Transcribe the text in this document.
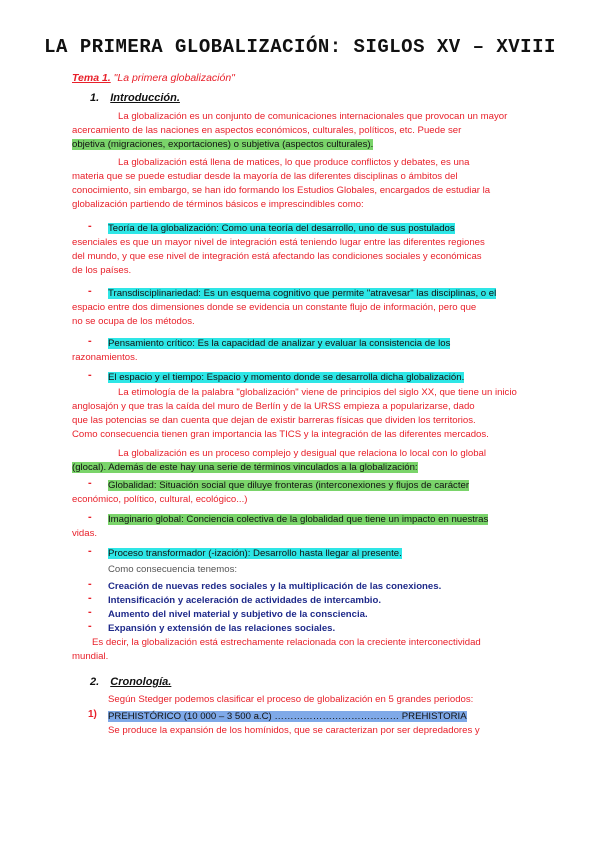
LA PRIMERA GLOBALIZACIÓN: SIGLOS XV – XVIII
Tema 1. "La primera globalización"
1. Introducción.
La globalización es un conjunto de comunicaciones internacionales que provocan un mayor
acercamiento de las naciones en aspectos económicos, culturales, políticos, etc. Puede ser
objetiva (migraciones, exportaciones) o subjetiva (aspectos culturales).
La globalización está llena de matices, lo que produce conflictos y debates, es una
materia que se puede estudiar desde la mayoría de las diferentes disciplinas o ámbitos del
conocimiento, sin embargo, se han ido formando los Estudios Globales, encargados de estudiar la
globalización partiendo de términos básicos e imprescindibles como:
- Teoría de la globalización: Como una teoría del desarrollo, uno de sus postulados
esenciales es que un mayor nivel de integración está teniendo lugar entre las diferentes regiones
del mundo, y que ese nivel de integración está afectando las condiciones sociales y económicas
de los países.
- Transdisciplinariedad: Es un esquema cognitivo que permite "atravesar" las disciplinas, o el
espacio entre dos dimensiones donde se evidencia un constante flujo de información, pero que
no se ocupa de los métodos.
- Pensamiento crítico: Es la capacidad de analizar y evaluar la consistencia de los
razonamientos.
- El espacio y el tiempo: Espacio y momento donde se desarrolla dicha globalización.
La etimología de la palabra "globalización" viene de principios del siglo XX, que tiene un inicio
anglosajón y que tras la caída del muro de Berlín y de la URSS empieza a popularizarse, dado
que las potencias se dan cuenta que dejan de existir barreras físicas que dividen los territorios.
Como consecuencia tienen gran importancia las TICS y la integración de las diferentes mercados.
La globalización es un proceso complejo y desigual que relaciona lo local con lo global
(glocal). Además de este hay una serie de términos vinculados a la globalización:
- Globalidad: Situación social que diluye fronteras (interconexiones y flujos de carácter
económico, político, cultural, ecológico...)
- Imaginario global: Conciencia colectiva de la globalidad que tiene un impacto en nuestras
vidas.
- Proceso transformador (-ización): Desarrollo hasta llegar al presente.
Como consecuencia tenemos:
- Creación de nuevas redes sociales y la multiplicación de las conexiones.
- Intensificación y aceleración de actividades de intercambio.
- Aumento del nivel material y subjetivo de la consciencia.
- Expansión y extensión de las relaciones sociales.
Es decir, la globalización está estrechamente relacionada con la creciente interconectividad
mundial.
2. Cronología.
Según Stedger podemos clasificar el proceso de globalización en 5 grandes periodos:
1) PREHISTÓRICO (10 000 – 3 500 a.C) ………………………………… PREHISTORIA
Se produce la expansión de los homínidos, que se caracterizan por ser depredadores y
